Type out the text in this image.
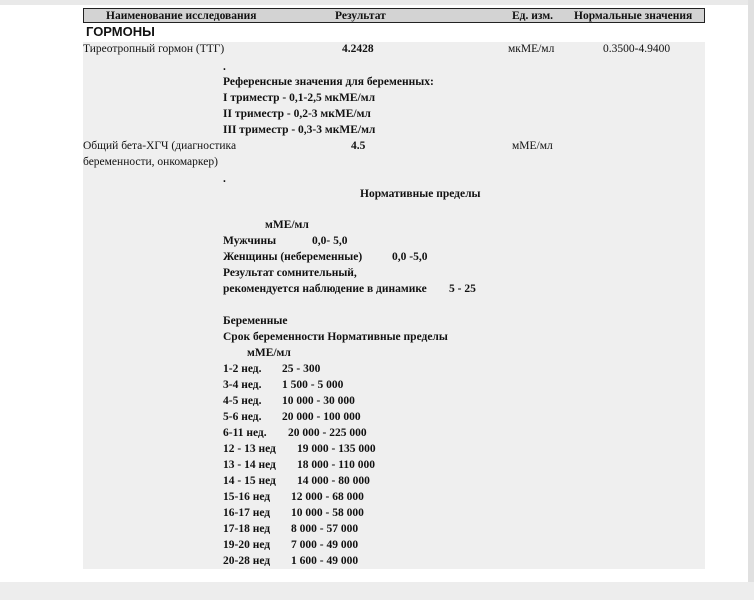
Наименование исследования	Результат	Ед. изм. Нормальные значения
ГОРМОНЫ
Тиреотропный гормон (ТТГ)	4.2428	мкМЕ/мл	0.3500-4.9400
.
Референсные значения для беременных:
I триместр - 0,1-2,5 мкМЕ/мл
II триместр - 0,2-3 мкМЕ/мл
III триместр - 0,3-3 мкМЕ/мл
Общий бета-ХГЧ (диагностика
беременности, онкомаркер)
4.5	мМЕ/мл
.
Нормативные пределы
мМЕ/мл
Мужчины	0,0- 5,0
Женщины (небеременные)	0,0 -5,0
Результат сомнительный,
рекомендуется наблюдение в динамике 5 - 25
Беременные
Срок беременности Нормативные пределы
мМЕ/мл
1-2 нед. 25 - 300
3-4 нед. 1 500 - 5 000
4-5 нед. 10 000 - 30 000
5-6 нед. 20 000 - 100 000
6-11 нед. 20 000 - 225 000
12 - 13 нед 19 000 - 135 000
13 - 14 нед 18 000 - 110 000
14 - 15 нед 14 000 - 80 000
15-16 нед 12 000 - 68 000
16-17 нед 10 000 - 58 000
17-18 нед 8 000 - 57 000
19-20 нед 7 000 - 49 000
20-28 нед 1 600 - 49 000
